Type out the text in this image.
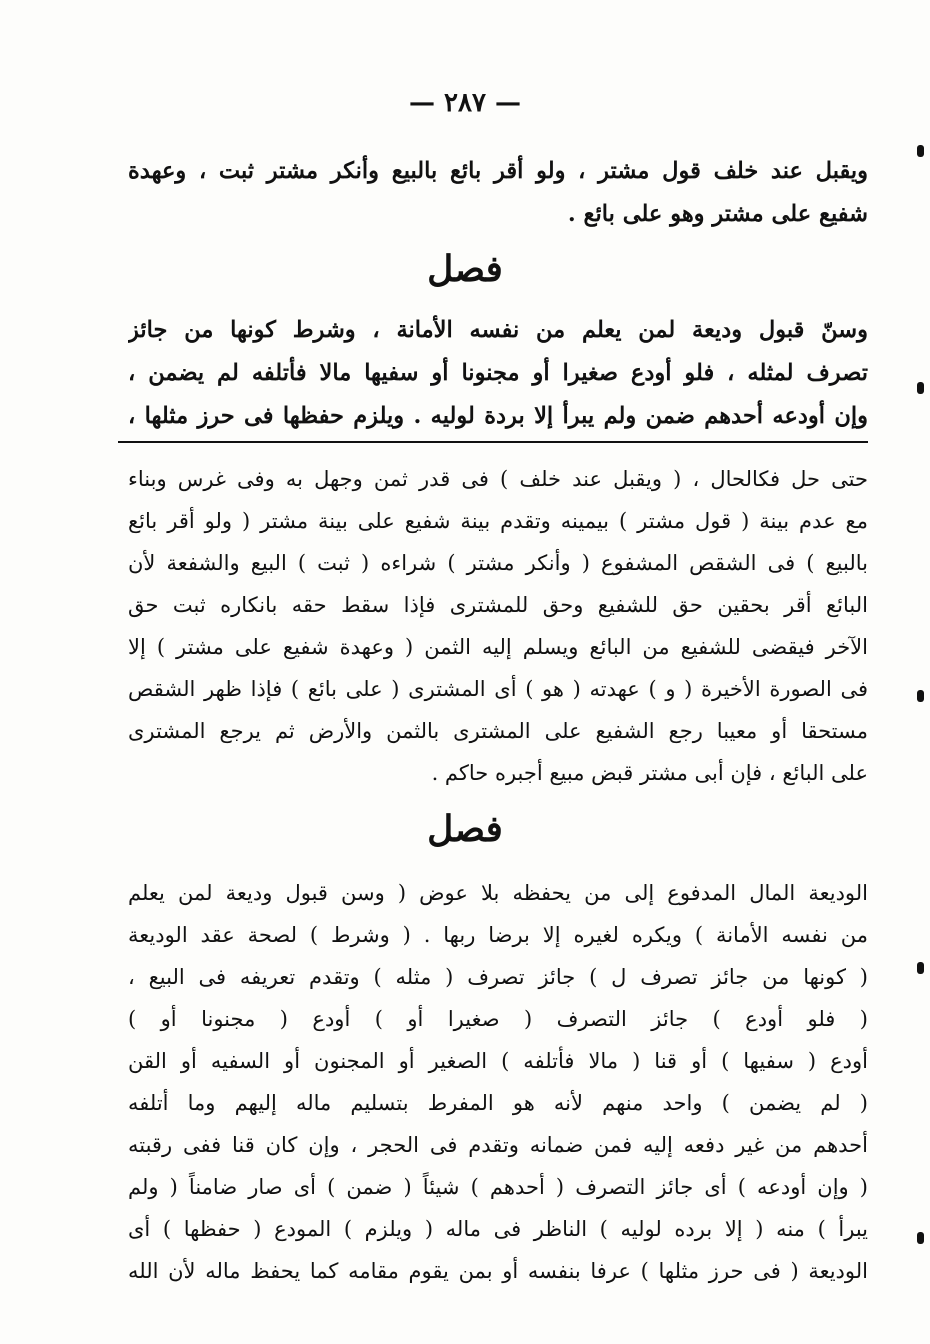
— ٢٨٧ —
ويقبل عند خلف قول مشتر ، ولو أقر بائع بالبيع وأنكر مشتر ثبت ، وعهدة
شفيع على مشتر وهو على بائع .
فصل
وسنّ قبول وديعة لمن يعلم من نفسه الأمانة ، وشرط كونها من جائز
تصرف لمثله ، فلو أودع صغيرا أو مجنونا أو سفيها مالا فأتلفه لم يضمن ،
وإن أودعه أحدهم ضمن ولم يبرأ إلا بردة لوليه . ويلزم حفظها فى حرز مثلها ،
حتى حل فكالحال ، ( ويقبل عند خلف ) فى قدر ثمن وجهل به وفى غرس وبناء
مع عدم بينة ( قول مشتر ) بيمينه وتقدم بينة شفيع على بينة مشتر ( ولو أقر بائع
بالبيع ) فى الشقص المشفوع ( وأنكر مشتر ) شراءه ( ثبت ) البيع والشفعة لأن
البائع أقر بحقين حق للشفيع وحق للمشترى فإذا سقط حقه بانكاره ثبت حق
الآخر فيقضى للشفيع من البائع ويسلم إليه الثمن ( وعهدة شفيع على مشتر ) إلا
فى الصورة الأخيرة ( و ) عهدته ( هو ) أى المشترى ( على بائع ) فإذا ظهر الشقص
مستحقا أو معيبا رجع الشفيع على المشترى بالثمن والأرض ثم يرجع المشترى
على البائع ، فإن أبى مشتر قبض مبيع أجبره حاكم .
فصل
الوديعة المال المدفوع إلى من يحفظه بلا عوض ( وسن قبول وديعة لمن يعلم
من نفسه الأمانة ) ويكره لغيره إلا برضا ربها . ( وشرط ) لصحة عقد الوديعة
( كونها من جائز تصرف ل ) جائز تصرف ( مثله ) وتقدم تعريفه فى البيع ،
( فلو أودع ) جائز التصرف ( صغيرا أو ) أودع ( مجنونا أو )
أودع ( سفيها ) أو قنا ( مالا فأتلفه ) الصغير أو المجنون أو السفيه أو القن
( لم يضمن ) واحد منهم لأنه هو المفرط بتسليم ماله إليهم وما أتلفه
أحدهم من غير دفعه إليه فمن ضمانه وتقدم فى الحجر ، وإن كان قنا ففى رقبته
( وإن أودعه ) أى جائز التصرف ( أحدهم ) شيئاً ( ضمن ) أى صار ضامناً ( ولم
يبرأ ) منه ( إلا برده لوليه ) الناظر فى ماله ( ويلزم ) المودع ( حفظها ) أى
الوديعة ( فى حرز مثلها ) عرفا بنفسه أو بمن يقوم مقامه كما يحفظ ماله لأن الله
